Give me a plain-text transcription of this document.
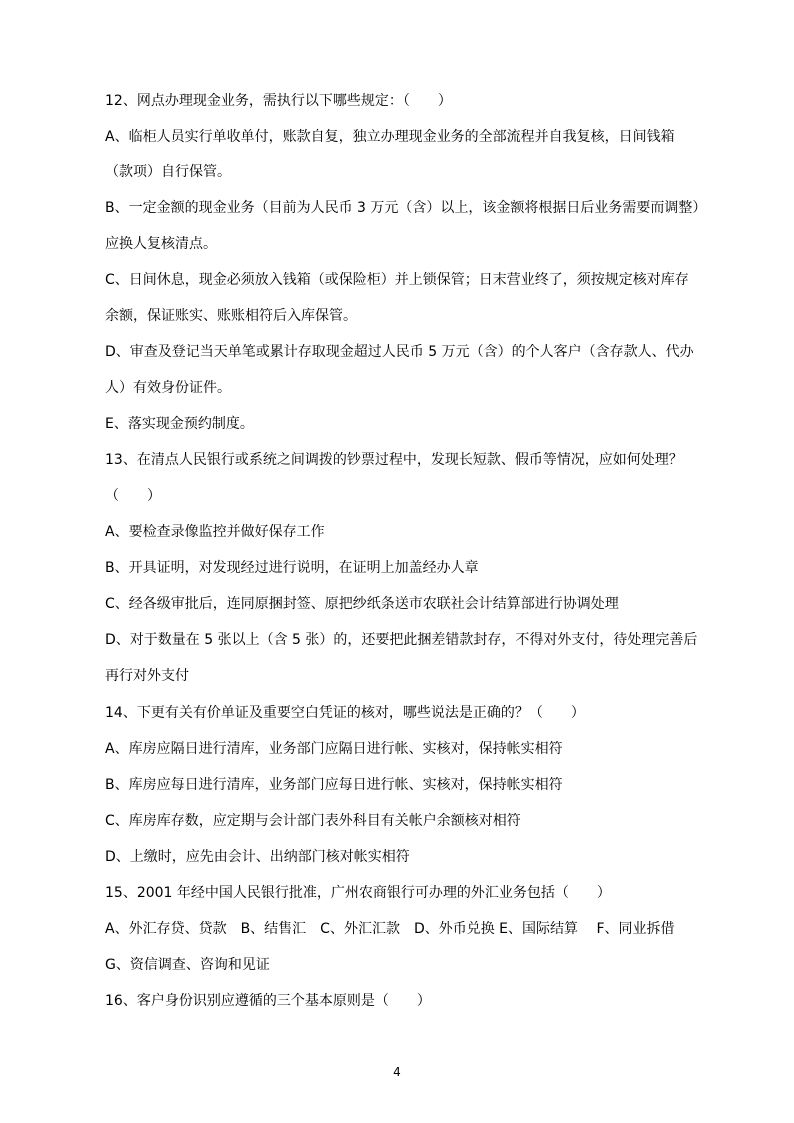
12、网点办理现金业务，需执行以下哪些规定：（　　）
A、临柜人员实行单收单付，账款自复，独立办理现金业务的全部流程并自我复核，日间钱箱
（款项）自行保管。
B、一定金额的现金业务（目前为人民币 3 万元（含）以上，该金额将根据日后业务需要而调整）
应换人复核清点。
C、日间休息，现金必须放入钱箱（或保险柜）并上锁保管；日末营业终了，须按规定核对库存
余额，保证账实、账账相符后入库保管。
D、审查及登记当天单笔或累计存取现金超过人民币 5 万元（含）的个人客户（含存款人、代办
人）有效身份证件。
E、落实现金预约制度。
13、在清点人民银行或系统之间调拨的钞票过程中，发现长短款、假币等情况，应如何处理？
（　　）
A、要检查录像监控并做好保存工作
B、开具证明，对发现经过进行说明，在证明上加盖经办人章
C、经各级审批后，连同原捆封签、原把纱纸条送市农联社会计结算部进行协调处理
D、对于数量在 5 张以上（含 5 张）的，还要把此捆差错款封存，不得对外支付，待处理完善后
再行对外支付
14、下更有关有价单证及重要空白凭证的核对，哪些说法是正确的？（　　）
A、库房应隔日进行清库，业务部门应隔日进行帐、实核对，保持帐实相符
B、库房应每日进行清库，业务部门应每日进行帐、实核对，保持帐实相符
C、库房库存数，应定期与会计部门表外科目有关帐户余额核对相符
D、上缴时，应先由会计、出纳部门核对帐实相符
15、2001 年经中国人民银行批准，广州农商银行可办理的外汇业务包括（　　）
A、外汇存贷、贷款　B、结售汇　C、外汇汇款　D、外币兑换 E、国际结算　 F、同业拆借
G、资信调查、咨询和见证
16、客户身份识别应遵循的三个基本原则是（　　）
4
